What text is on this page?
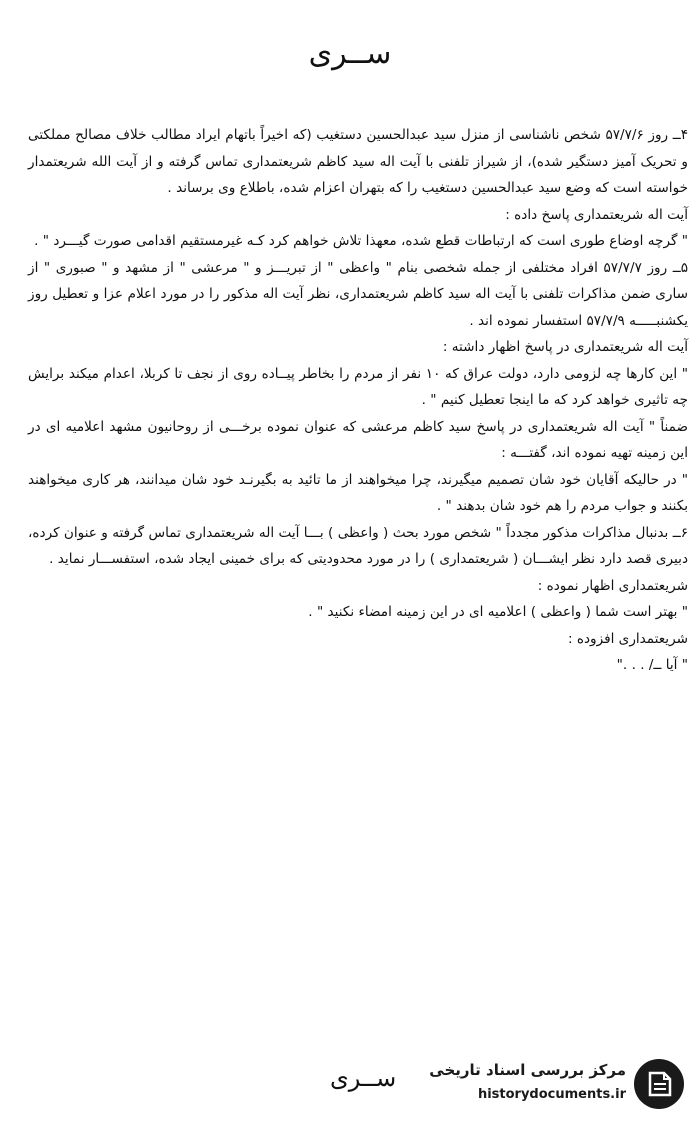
ســری

۴ــ روز ۵۷/۷/۶ شخص ناشناسی از منزل سید عبدالحسین دستغیب (که اخیراً باتهام ایراد مطالب خلاف مصالح مملکتی و تحریک آمیز دستگیر شده)، از شیراز تلفنی با آیت اله سید کاظم شریعتمداری تماس گرفته و از آیت الله شریعتمدار خواسته است که وضع سید عبدالحسین دستغیب را که بتهران اعزام شده، باطلاع وی برساند .

آیت اله شریعتمداری پاسخ داده :

" گرچه اوضاع طوری است که ارتباطات قطع شده، معهذا تلاش خواهم کرد کـه غیرمستقیم اقدامی صورت گیـــرد " .

۵ــ روز ۵۷/۷/۷ افراد مختلفی از جمله شخصی بنام " واعظی " از تبریـــز و " مرعشی " از مشهد و " صبوری " از ساری ضمن مذاکرات تلفنی با آیت اله سید کاظم شریعتمداری، نظر آیت اله مذکور را در مورد اعلام عزا و تعطیل روز یکشنبـــــه ۵۷/۷/۹ استفسار نموده اند .

آیت اله شریعتمداری در پاسخ اظهار داشته :

" این کارها چه لزومی دارد، دولت عراق که ۱۰ نفر از مردم را بخاطر پیــاده روی از نجف تا کربلا، اعدام میکند برایش چه تاثیری خواهد کرد که ما اینجا تعطیل کنیم " .

ضمناً " آیت اله شریعتمداری در پاسخ سید کاظم مرعشی که عنوان نموده برخـــی از روحانیون مشهد اعلامیه ای در این زمینه تهیه نموده اند، گفتـــه :

" در حالیکه آقایان خود شان تصمیم میگیرند، چرا میخواهند از ما تائید به بگیرنـد خود شان میدانند، هر کاری میخواهند بکنند و جواب مردم را هم خود شان بدهند " .

۶ــ بدنبال مذاکرات مذکور مجدداً " شخص مورد بحث ( واعظی ) بـــا آیت اله شریعتمداری تماس گرفته و عنوان کرده، دبیری قصد دارد نظر ایشـــان ( شریعتمداری ) را در مورد محدودیتی که برای خمینی ایجاد شده، استفســـار نماید .

شریعتمداری اظهار نموده :

" بهتر است شما ( واعظی ) اعلامیه ای در این زمینه امضاء نکنید " .

شریعتمداری افزوده :

" آیا ــ/ . . ."

ســری مرکز بررسی اسناد تاریخی
historydocuments.ir
